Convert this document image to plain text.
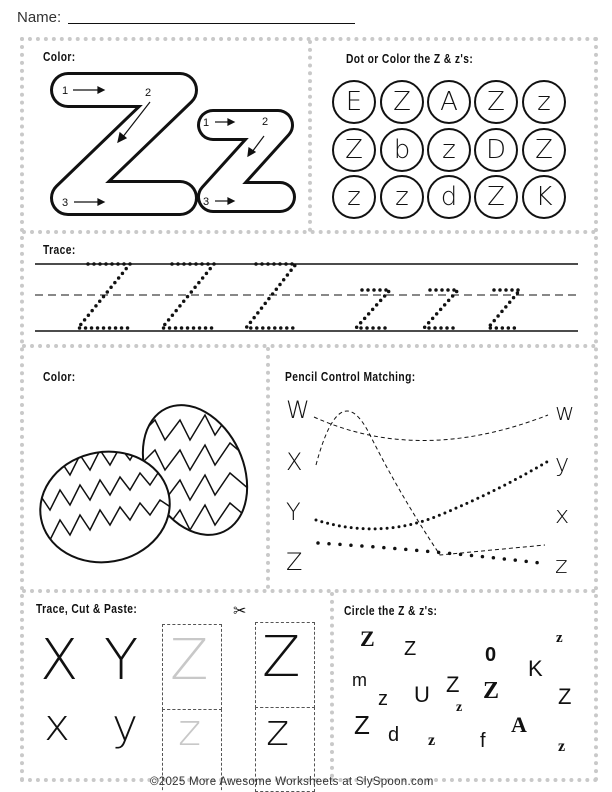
Name:
Color:
1	2
3
1	2
3
Dot or Color the Z & z's:
E	Z	A	Z	z
Z	b	z	D	Z
z	z	d	Z	K
Trace:
Color:	Pencil Control Matching:
W
X
Y
Z
w
y
x
z
Trace, Cut & Paste:	✂
X Y
x y
Z
z
Z
z
Circle the Z & z's:
Z Z
Z
0
K
z
m
z U Z	Z
z
Z d z f
A
z
©2025 More Awesome Worksheets at SlySpoon.com
